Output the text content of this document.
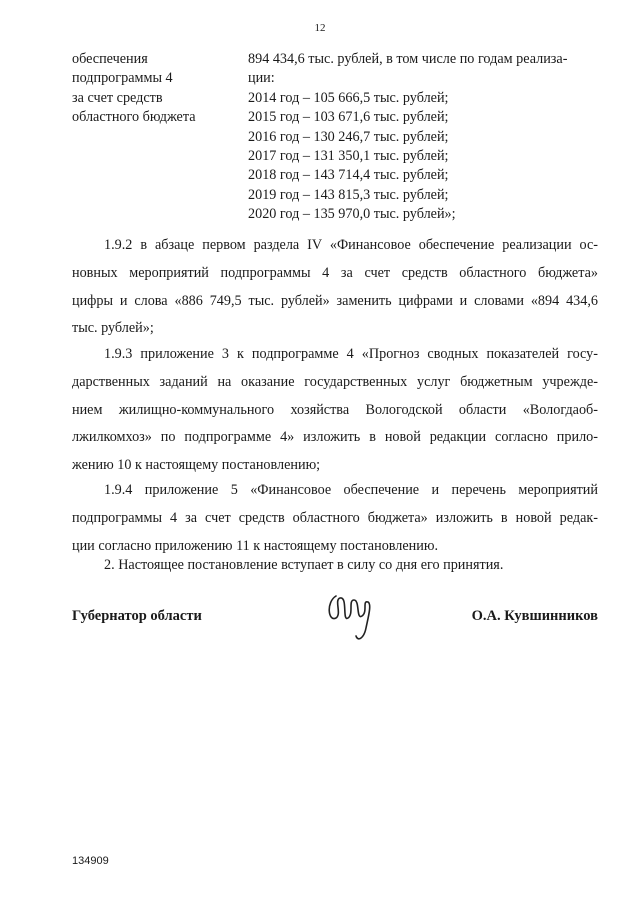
12
обеспечения
подпрограммы 4
за счет средств
областного бюджета
894 434,6 тыс. рублей, в том числе по годам реализа-
ции:
2014 год – 105 666,5 тыс. рублей;
2015 год – 103 671,6 тыс. рублей;
2016 год – 130 246,7 тыс. рублей;
2017 год – 131 350,1 тыс. рублей;
2018 год – 143 714,4 тыс. рублей;
2019 год – 143 815,3 тыс. рублей;
2020 год – 135 970,0 тыс. рублей»;
1.9.2 в абзаце первом раздела IV «Финансовое обеспечение реализации ос-
новных мероприятий подпрограммы 4 за счет средств областного бюджета»
цифры и слова «886 749,5 тыс. рублей» заменить цифрами и словами «894 434,6
тыс. рублей»;
1.9.3 приложение 3 к подпрограмме 4 «Прогноз сводных показателей госу-
дарственных заданий на оказание государственных услуг бюджетным учрежде-
нием жилищно-коммунального хозяйства Вологодской области «Вологдаоб-
лжилкомхоз» по подпрограмме 4» изложить в новой редакции согласно прило-
жению 10 к настоящему постановлению;
1.9.4 приложение 5 «Финансовое обеспечение и перечень мероприятий
подпрограммы 4 за счет средств областного бюджета» изложить в новой редак-
ции согласно приложению 11 к настоящему постановлению.
2. Настоящее постановление вступает в силу со дня его принятия.
Губернатор области	О.А. Кувшинников
134909
